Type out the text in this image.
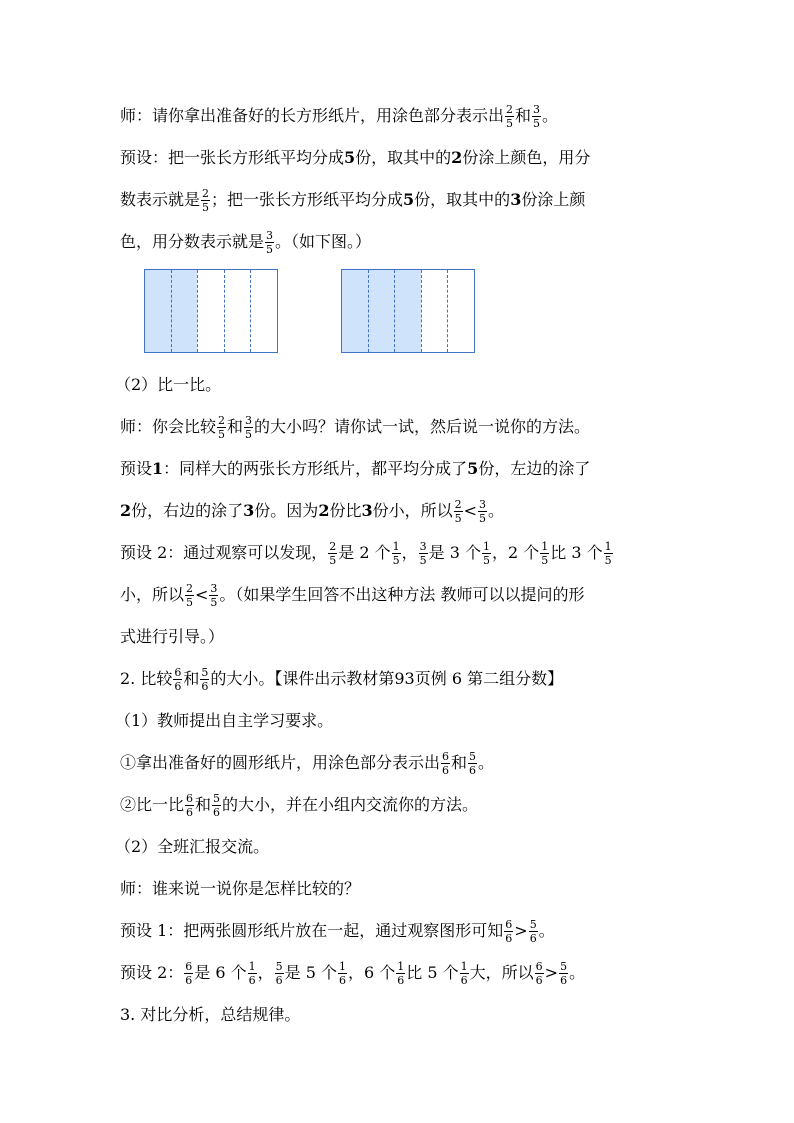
师：请你拿出准备好的长方形纸片，用涂色部分表示出 $\frac{2}{5}$ 和 $\frac{3}{5}$ 。
预设：把一张长方形纸平均分成 5 份，取其中的 2 份涂上颜色，用分
数表示就是 $\frac{2}{5}$ ；把一张长方形纸平均分成 5 份，取其中的 3 份涂上颜
色，用分数表示就是 $\frac{3}{5}$ 。（如下图。）
（2）比一比。
师：你会比较 $\frac{2}{5}$ 和 $\frac{3}{5}$ 的大小吗？请你试一试，然后说一说你的方法。
预设 1 ：同样大的两张长方形纸片，都平均分成了 5 份，左边的涂了
2 份，右边的涂了 3 份。因为 2 份比 3 份小，所以 $\frac{2}{5} < \frac{3}{5}$ 。
预设 2：通过观察可以发现， $\frac{2}{5}$ 是 2 个 $\frac{1}{5}$ ， $\frac{3}{5}$ 是 3 个 $\frac{1}{5}$ ，2 个 $\frac{1}{5}$ 比 3 个 $\frac{1}{5}$
小，所以 $\frac{2}{5} < \frac{3}{5}$ 。（如果学生回答不出这种方法 教师可以以提问的形
式进行引导。）
2. 比较 $\frac{6}{6}$ 和 $\frac{5}{6}$ 的大小。【课件出示教材第93页例 6 第二组分数】
（1）教师提出自主学习要求。
①拿出准备好的圆形纸片，用涂色部分表示出 $\frac{6}{6}$ 和 $\frac{5}{6}$ 。
②比一比 $\frac{6}{6}$ 和 $\frac{5}{6}$ 的大小，并在小组内交流你的方法。
（2）全班汇报交流。
师：谁来说一说你是怎样比较的？
预设 1：把两张圆形纸片放在一起，通过观察图形可知 $\frac{6}{6} > \frac{5}{6}$ 。
预设 2： $\frac{6}{6}$ 是 6 个 $\frac{1}{6}$ ， $\frac{5}{6}$ 是 5 个 $\frac{1}{6}$ ，6 个 $\frac{1}{6}$ 比 5 个 $\frac{1}{6}$ 大，所以 $\frac{6}{6} > \frac{5}{6}$ 。
3. 对比分析，总结规律。
